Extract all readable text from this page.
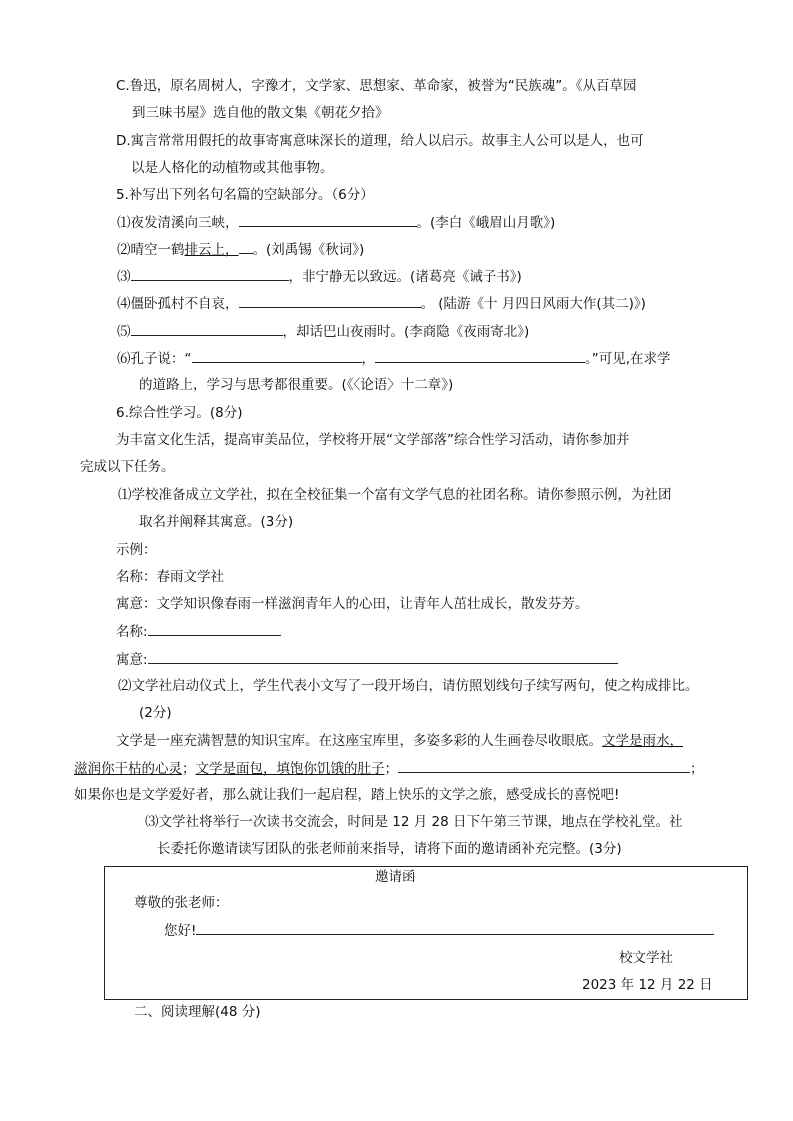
C.鲁迅，原名周树人，字豫才，文学家、思想家、革命家，被誉为“民族魂”。《从百草园
到三味书屋》选自他的散文集《朝花夕拾》
D.寓言常常用假托的故事寄寓意味深长的道理，给人以启示。故事主人公可以是人，也可
以是人格化的动植物或其他事物。
5.补写出下列名句名篇的空缺部分。（6分）
⑴夜发清溪向三峡，	。(李白《峨眉山月歌》)
⑵晴空一鹤排云上， 。(刘禹锡《秋词》)
⑶	，非宁静无以致远。(诸葛亮《诫子书》)
⑷僵卧孤村不自哀，	。 (陆游《十 月四日风雨大作(其二)》)
⑸	，却话巴山夜雨时。(李商隐《夜雨寄北》)
⑹孔子说：“	，	。”可见,在求学
的道路上，学习与思考都很重要。(《〈论语〉十二章》)
6.综合性学习。(8分)
为丰富文化生活，提高审美品位，学校将开展“文学部落”综合性学习活动，请你参加并
完成以下任务。
⑴学校准备成立文学社，拟在全校征集一个富有文学气息的社团名称。请你参照示例，为社团
取名并阐释其寓意。(3分)
示例：
名称：春雨文学社
寓意：文学知识像春雨一样滋润青年人的心田，让青年人茁壮成长，散发芬芳。
名称:
寓意:
⑵文学社启动仪式上，学生代表小文写了一段开场白，请仿照划线句子续写两句，使之构成排比。
(2分)
文学是一座充满智慧的知识宝库。在这座宝库里，多姿多彩的人生画卷尽收眼底。文学是雨水，
滋润你干枯的心灵；文学是面包，填饱你饥饿的肚子；	；
如果你也是文学爱好者，那么就让我们一起启程，踏上快乐的文学之旅，感受成长的喜悦吧!
⑶文学社将举行一次读书交流会，时间是 12 月 28 日下午第三节课，地点在学校礼堂。社
长委托你邀请读写团队的张老师前来指导，请将下面的邀请函补充完整。(3分)
邀请函
尊敬的张老师：
您好!
校文学社
2023 年 12 月 22 日
二、阅读理解(48 分)
